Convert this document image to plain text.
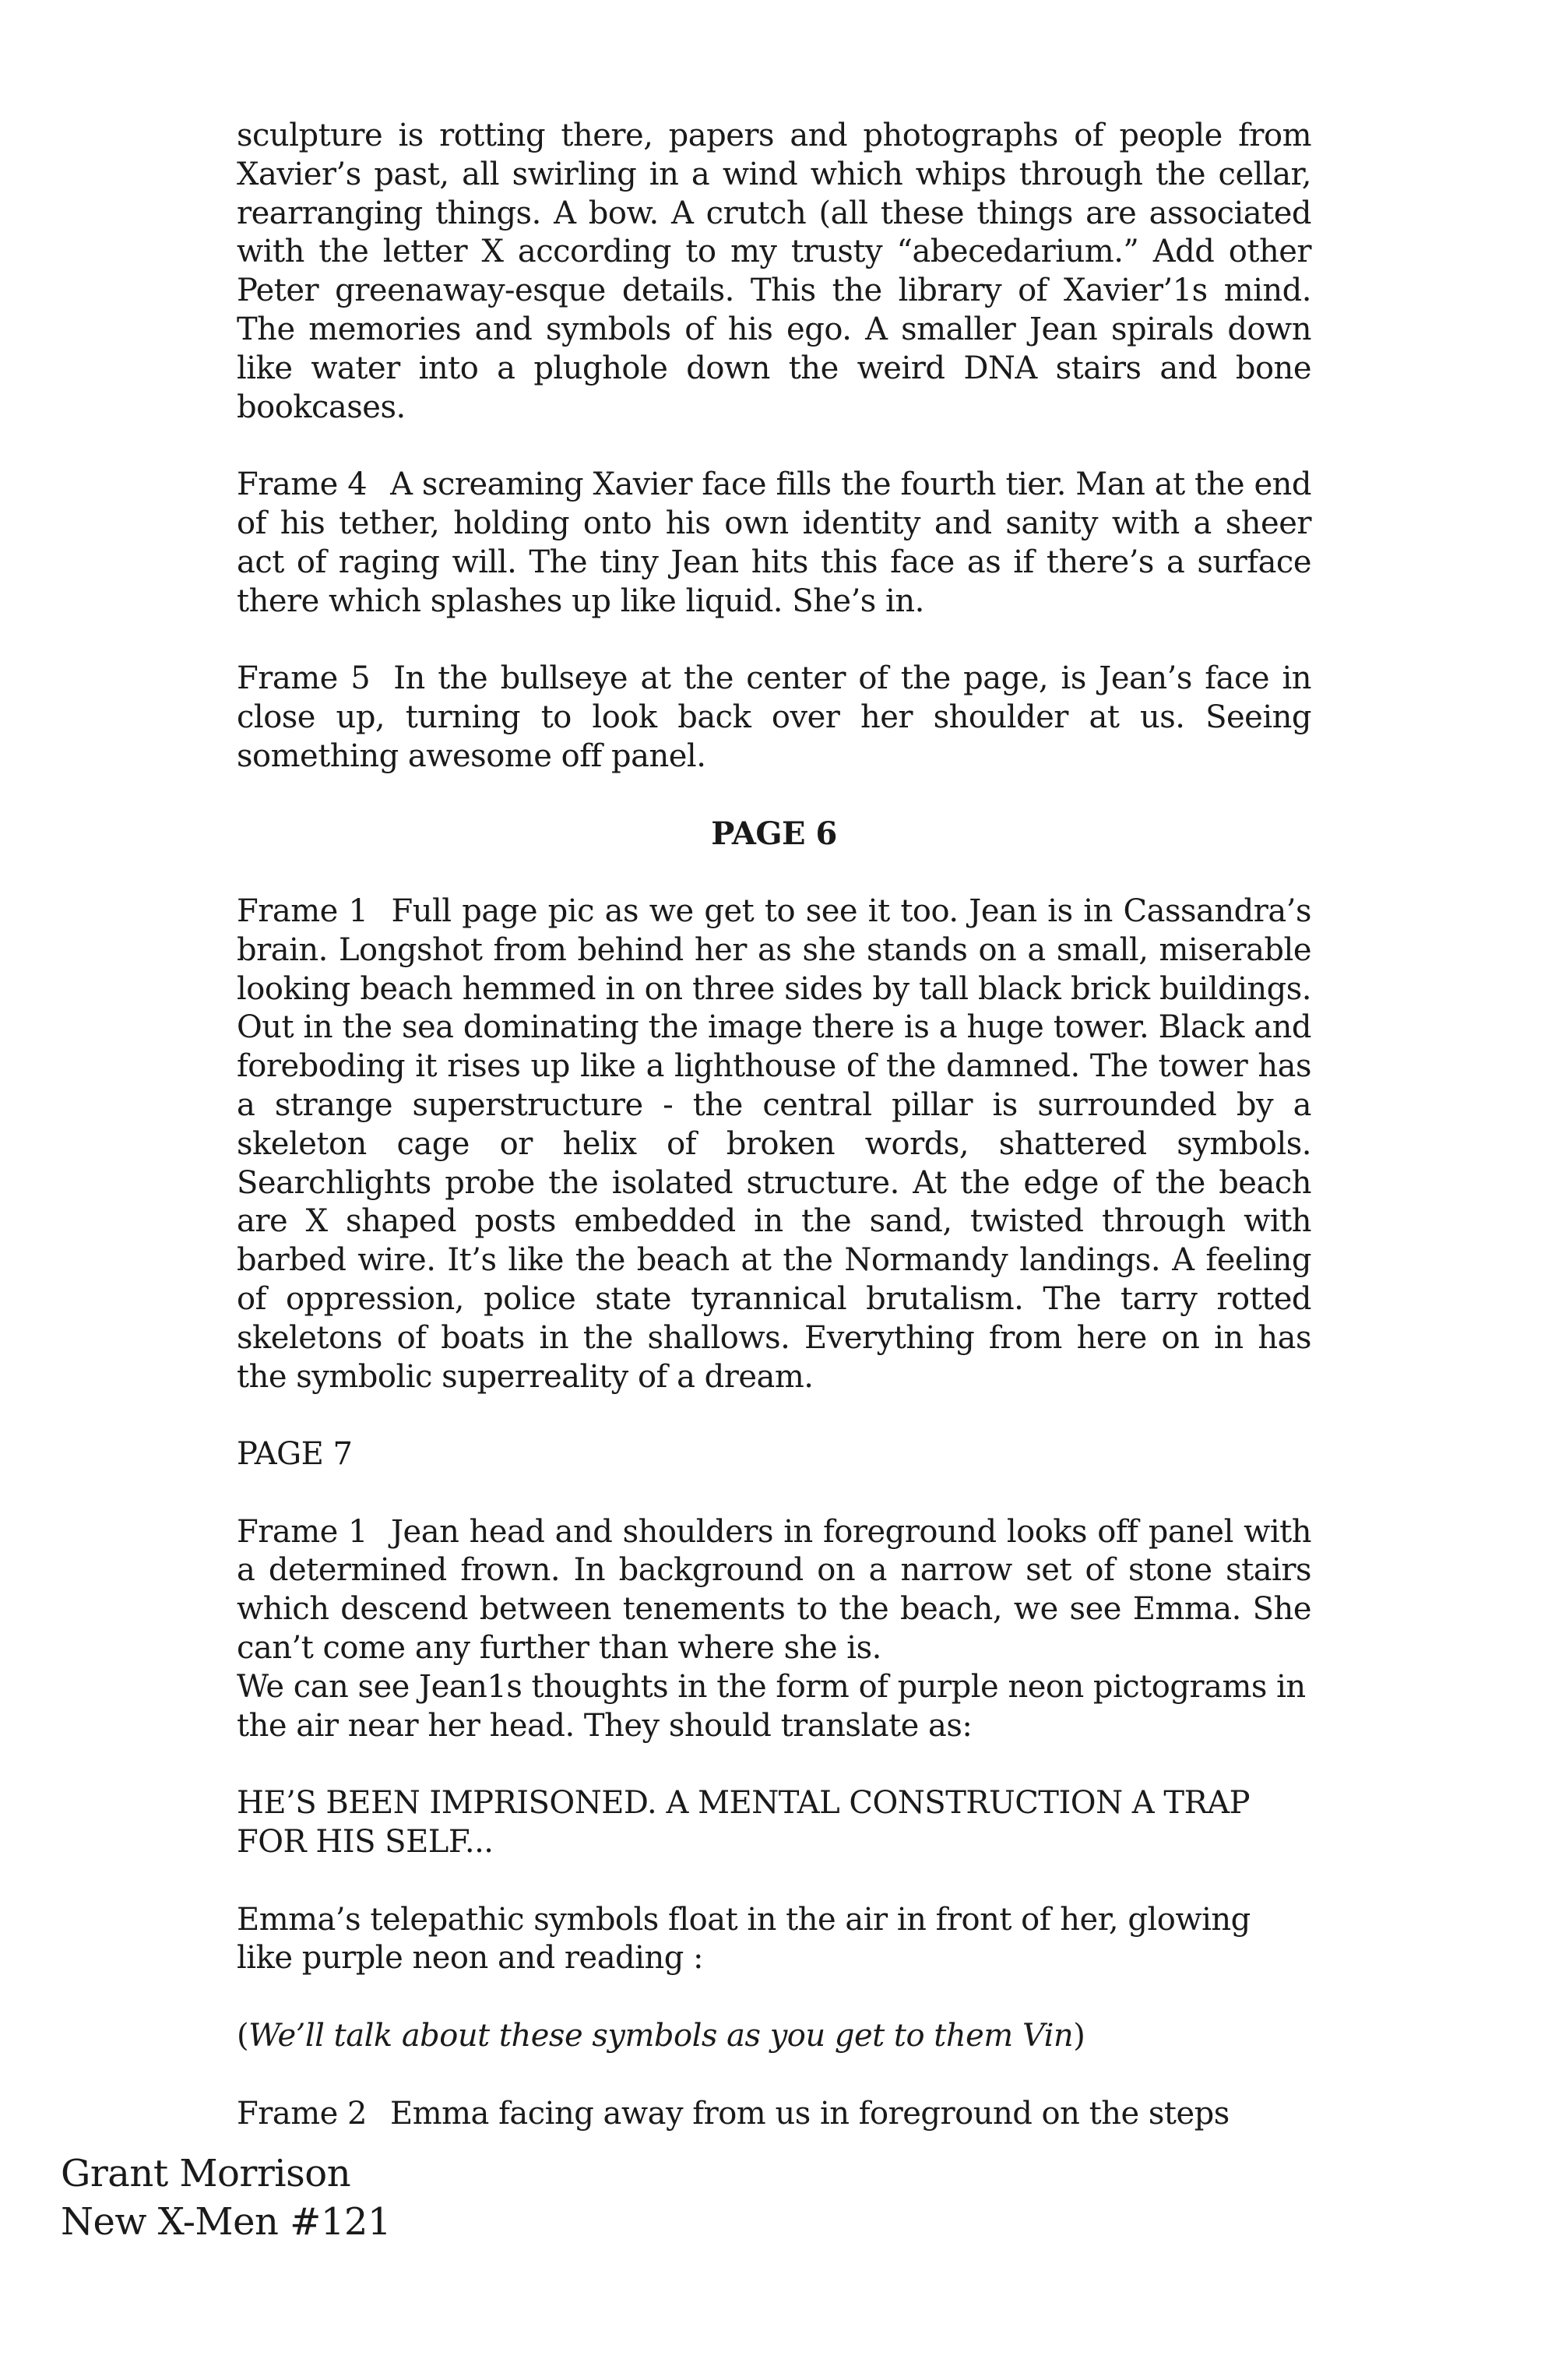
sculpture is rotting there, papers and photographs of people from Xavier’s past, all swirling in a wind which whips through the cellar, rearranging things. A bow. A crutch (all these things are associated with the letter X according to my trusty “abecedarium.” Add other Peter greenaway-esque details. This the library of Xavier’1s mind. The memories and symbols of his ego. A smaller Jean spirals down like water into a plughole down the weird DNA stairs and bone bookcases.

Frame 4 A screaming Xavier face fills the fourth tier. Man at the end of his tether, holding onto his own identity and sanity with a sheer act of raging will. The tiny Jean hits this face as if there’s a surface there which splashes up like liquid. She’s in.

Frame 5 In the bullseye at the center of the page, is Jean’s face in close up, turning to look back over her shoulder at us. Seeing something awesome off panel.

PAGE 6

Frame 1 Full page pic as we get to see it too. Jean is in Cassandra’s brain. Longshot from behind her as she stands on a small, miserable looking beach hemmed in on three sides by tall black brick buildings. Out in the sea dominating the image there is a huge tower. Black and foreboding it rises up like a lighthouse of the damned. The tower has a strange superstructure - the central pillar is surrounded by a skeleton cage or helix of broken words, shattered symbols. Searchlights probe the isolated structure. At the edge of the beach are X shaped posts embedded in the sand, twisted through with barbed wire. It’s like the beach at the Normandy landings. A feeling of oppression, police state tyrannical brutalism. The tarry rotted skeletons of boats in the shallows. Everything from here on in has the symbolic superreality of a dream.

PAGE 7

Frame 1 Jean head and shoulders in foreground looks off panel with a determined frown. In background on a narrow set of stone stairs which descend between tenements to the beach, we see Emma. She can’t come any further than where she is.

We can see Jean1s thoughts in the form of purple neon pictograms in the air near her head. They should translate as:

HE’S BEEN IMPRISONED. A MENTAL CONSTRUCTION A TRAP FOR HIS SELF...

Emma’s telepathic symbols float in the air in front of her, glowing like purple neon and reading :

(We’ll talk about these symbols as you get to them Vin)

Frame 2 Emma facing away from us in foreground on the steps

Grant Morrison
New X-Men #121
